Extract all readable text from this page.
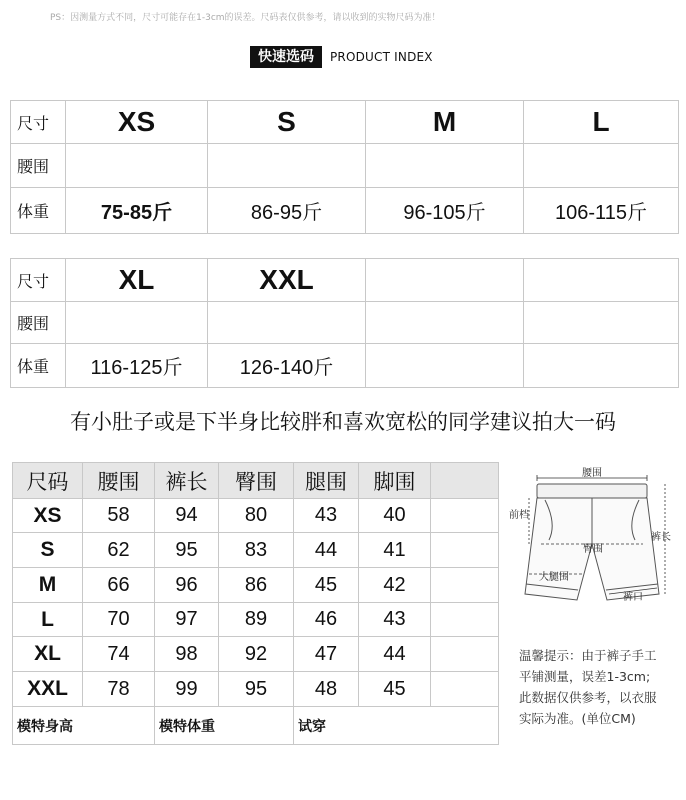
PS：因测量方式不同，尺寸可能存在1-3cm的误差。尺码表仅供参考，请以收到的实物尺码为准！
快速选码	PRODUCT INDEX
尺寸	XS	S	M	L
腰围				
体重	75-85斤	86-95斤	96-105斤	106-115斤
尺寸	XL	XXL		
腰围				
体重	116-125斤	126-140斤		
有小肚子或是下半身比较胖和喜欢宽松的同学建议拍大一码
尺码	腰围	裤长	臀围	腿围	脚围	
XS	58	94	80	43	40	
S	62	95	83	44	41	
M	66	96	86	45	42	
L	70	97	89	46	43	
XL	74	98	92	47	44	
XXL	78	99	95	48	45	
模特身高		模特体重		试穿		
腰围
前档
裤长
臀围
大腿围
裤口
温馨提示：由于裤子手工
平铺测量，误差1-3cm;
此数据仅供参考，以衣服
实际为准。(单位CM)
